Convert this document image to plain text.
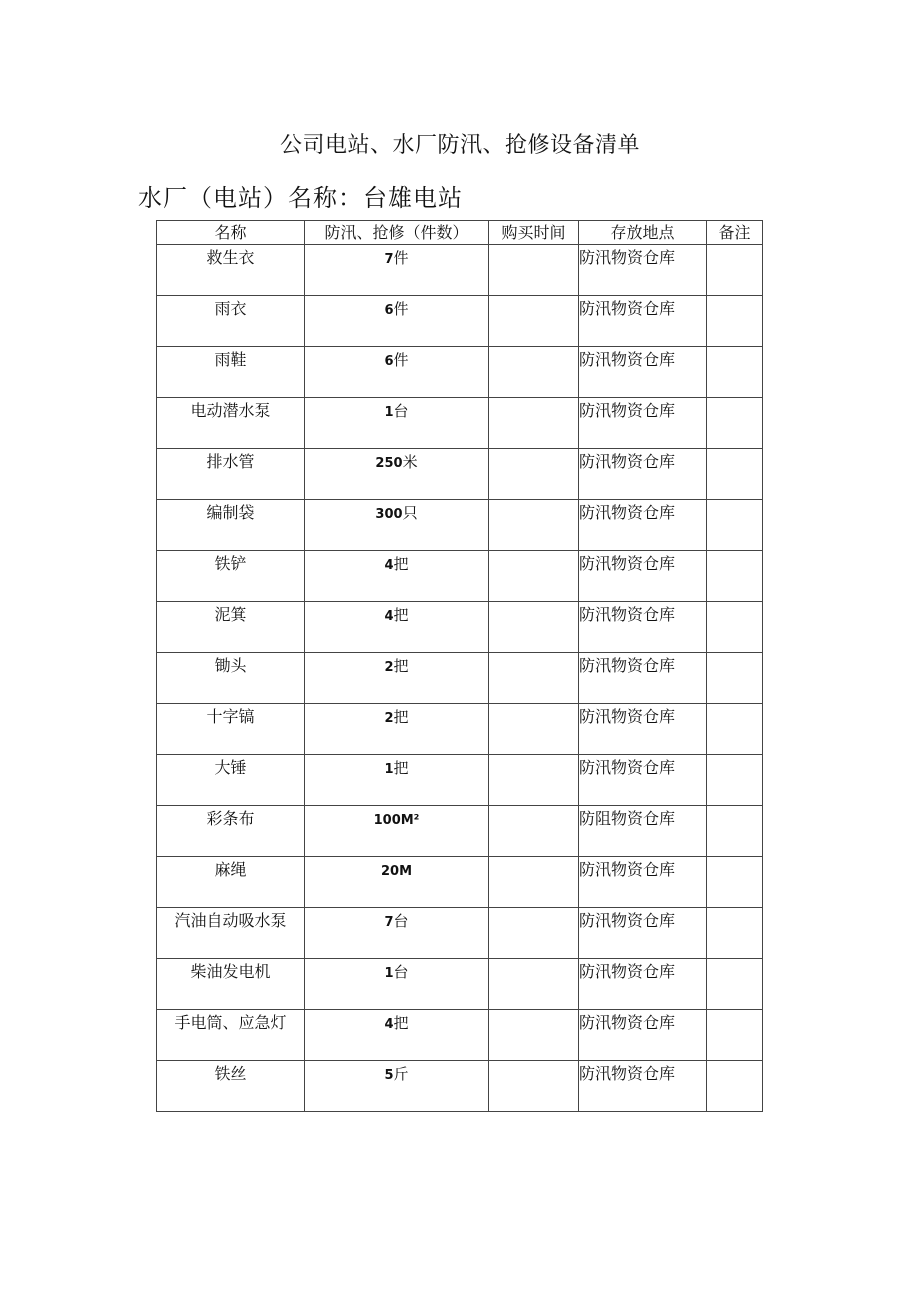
公司电站、水厂防汛、抢修设备清单
水厂（电站）名称：台雄电站
名称	防汛、抢修（件数）	购买时间	存放地点	备注
救生衣	7件		防汛物资仓库	
雨衣	6件		防汛物资仓库	
雨鞋	6件		防汛物资仓库	
电动潜水泵	1台		防汛物资仓库	
排水管	250米		防汛物资仓库	
编制袋	300只		防汛物资仓库	
铁铲	4把		防汛物资仓库	
泥箕	4把		防汛物资仓库	
锄头	2把		防汛物资仓库	
十字镐	2把		防汛物资仓库	
大锤	1把		防汛物资仓库	
彩条布	100M²		防阻物资仓库	
麻绳	20M		防汛物资仓库	
汽油自动吸水泵	7台		防汛物资仓库	
柴油发电机	1台		防汛物资仓库	
手电筒、应急灯	4把		防汛物资仓库	
铁丝	5斤		防汛物资仓库	
